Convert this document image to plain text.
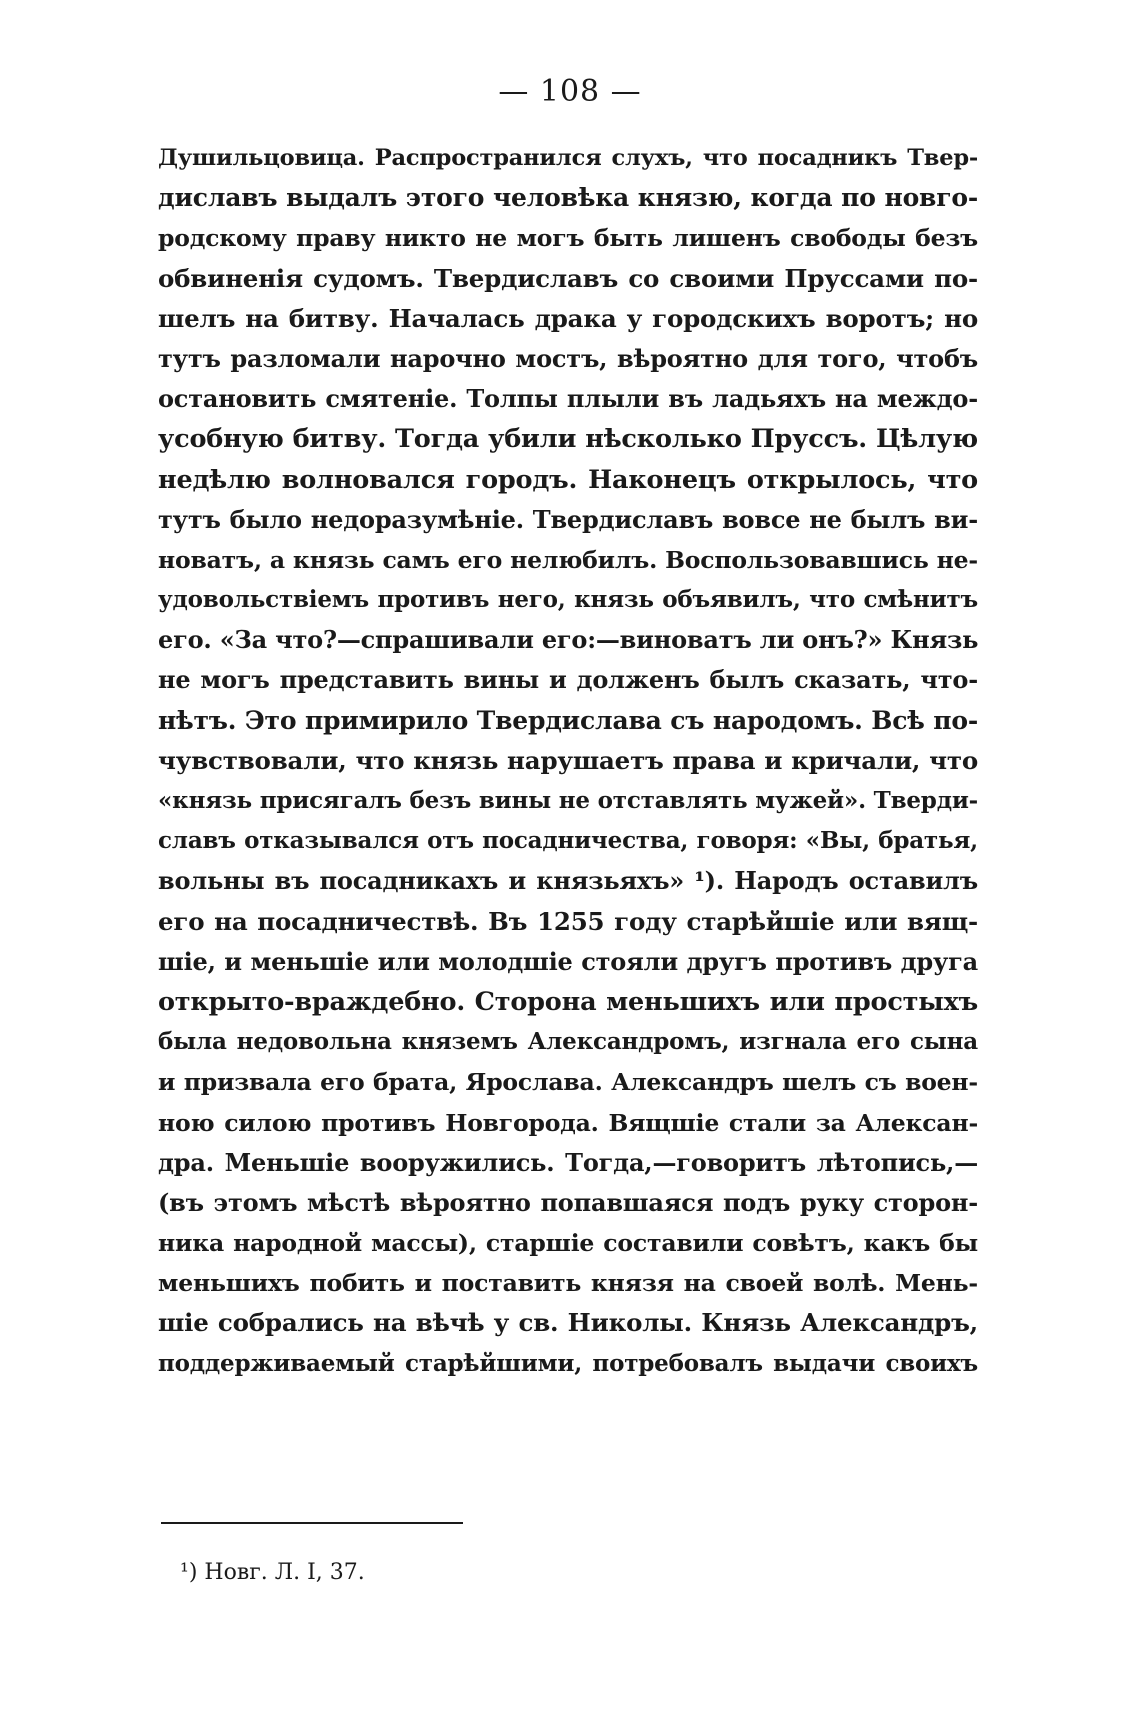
— 108 —
Душильцовица. Распространился слухъ, что посадникъ Твер-
диславъ выдалъ этого человѣка князю, когда по новго-
родскому праву никто не могъ быть лишенъ свободы безъ
обвиненія судомъ. Твердиславъ со своими Пруссами по-
шелъ на битву. Началась драка у городскихъ воротъ; но
тутъ разломали нарочно мостъ, вѣроятно для того, чтобъ
остановить смятеніе. Толпы плыли въ ладьяхъ на междо-
усобную битву. Тогда убили нѣсколько Пруссъ. Цѣлую
недѣлю волновался городъ. Наконецъ открылось, что
тутъ было недоразумѣніе. Твердиславъ вовсе не былъ ви-
новатъ, а князь самъ его нелюбилъ. Воспользовавшись не-
удовольствіемъ противъ него, князь объявилъ, что смѣнитъ
его. «За что?—спрашивали его:—виноватъ ли онъ?» Князь
не могъ представить вины и долженъ былъ сказать, что-
нѣтъ. Это примирило Твердислава съ народомъ. Всѣ по-
чувствовали, что князь нарушаетъ права и кричали, что
«князь присягалъ безъ вины не отставлять мужей». Тверди-
славъ отказывался отъ посадничества, говоря: «Вы, братья,
вольны въ посадникахъ и князьяхъ» ¹). Народъ оставилъ
его на посадничествѣ. Въ 1255 году старѣйшіе или вящ-
шіе, и меньшіе или молодшіе стояли другъ противъ друга
открыто-враждебно. Сторона меньшихъ или простыхъ
была недовольна княземъ Александромъ, изгнала его сына
и призвала его брата, Ярослава. Александръ шелъ съ воен-
ною силою противъ Новгорода. Вящшіе стали за Алексан-
дра. Меньшіе вооружились. Тогда,—говоритъ лѣтопись,—
(въ этомъ мѣстѣ вѣроятно попавшаяся подъ руку сторон-
ника народной массы), старшіе составили совѣтъ, какъ бы
меньшихъ побить и поставить князя на своей волѣ. Мень-
шіе собрались на вѣчѣ у св. Николы. Князь Александръ,
поддерживаемый старѣйшими, потребовалъ выдачи своихъ
¹) Новг. Л. I, 37.
